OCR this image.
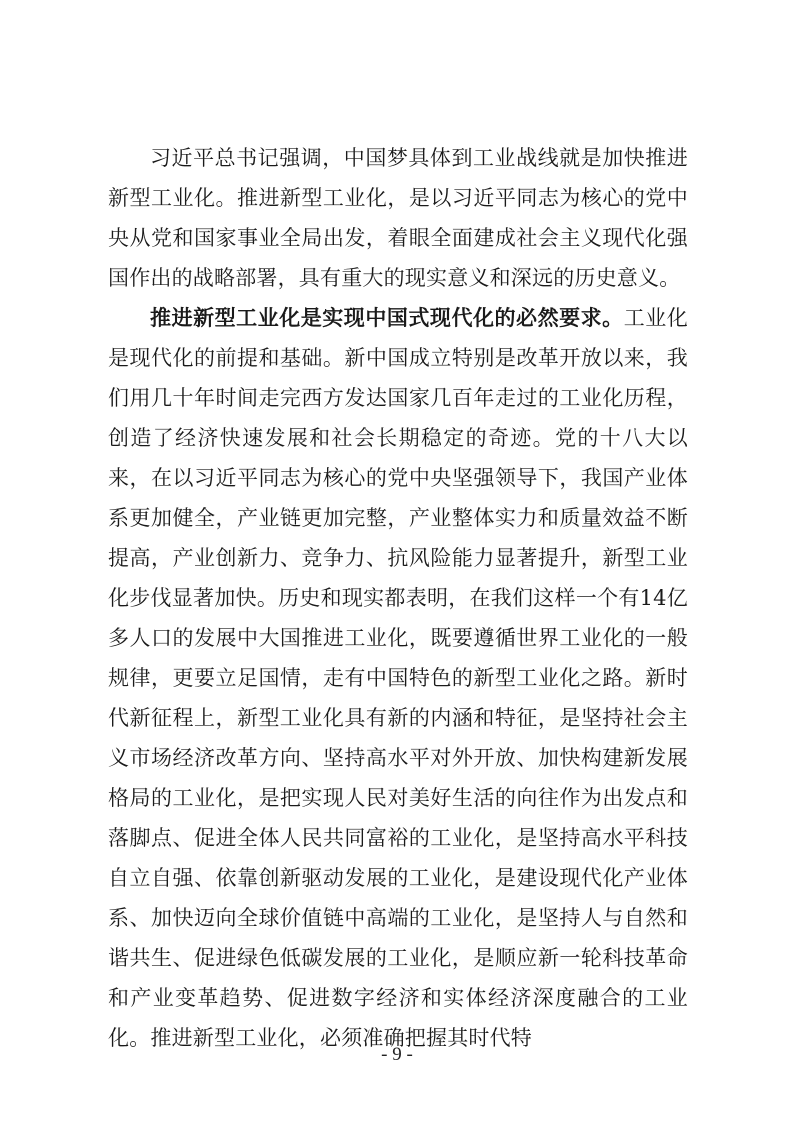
习近平总书记强调，中国梦具体到工业战线就是加快推进新型工业化。推进新型工业化，是以习近平同志为核心的党中央从党和国家事业全局出发，着眼全面建成社会主义现代化强国作出的战略部署，具有重大的现实意义和深远的历史意义。

推进新型工业化是实现中国式现代化的必然要求。工业化是现代化的前提和基础。新中国成立特别是改革开放以来，我们用几十年时间走完西方发达国家几百年走过的工业化历程，创造了经济快速发展和社会长期稳定的奇迹。党的十八大以来，在以习近平同志为核心的党中央坚强领导下，我国产业体系更加健全，产业链更加完整，产业整体实力和质量效益不断提高，产业创新力、竞争力、抗风险能力显著提升，新型工业化步伐显著加快。历史和现实都表明，在我们这样一个有14亿多人口的发展中大国推进工业化，既要遵循世界工业化的一般规律，更要立足国情，走有中国特色的新型工业化之路。新时代新征程上，新型工业化具有新的内涵和特征，是坚持社会主义市场经济改革方向、坚持高水平对外开放、加快构建新发展格局的工业化，是把实现人民对美好生活的向往作为出发点和落脚点、促进全体人民共同富裕的工业化，是坚持高水平科技自立自强、依靠创新驱动发展的工业化，是建设现代化产业体系、加快迈向全球价值链中高端的工业化，是坚持人与自然和谐共生、促进绿色低碳发展的工业化，是顺应新一轮科技革命和产业变革趋势、促进数字经济和实体经济深度融合的工业化。推进新型工业化，必须准确把握其时代特

- 9 -
